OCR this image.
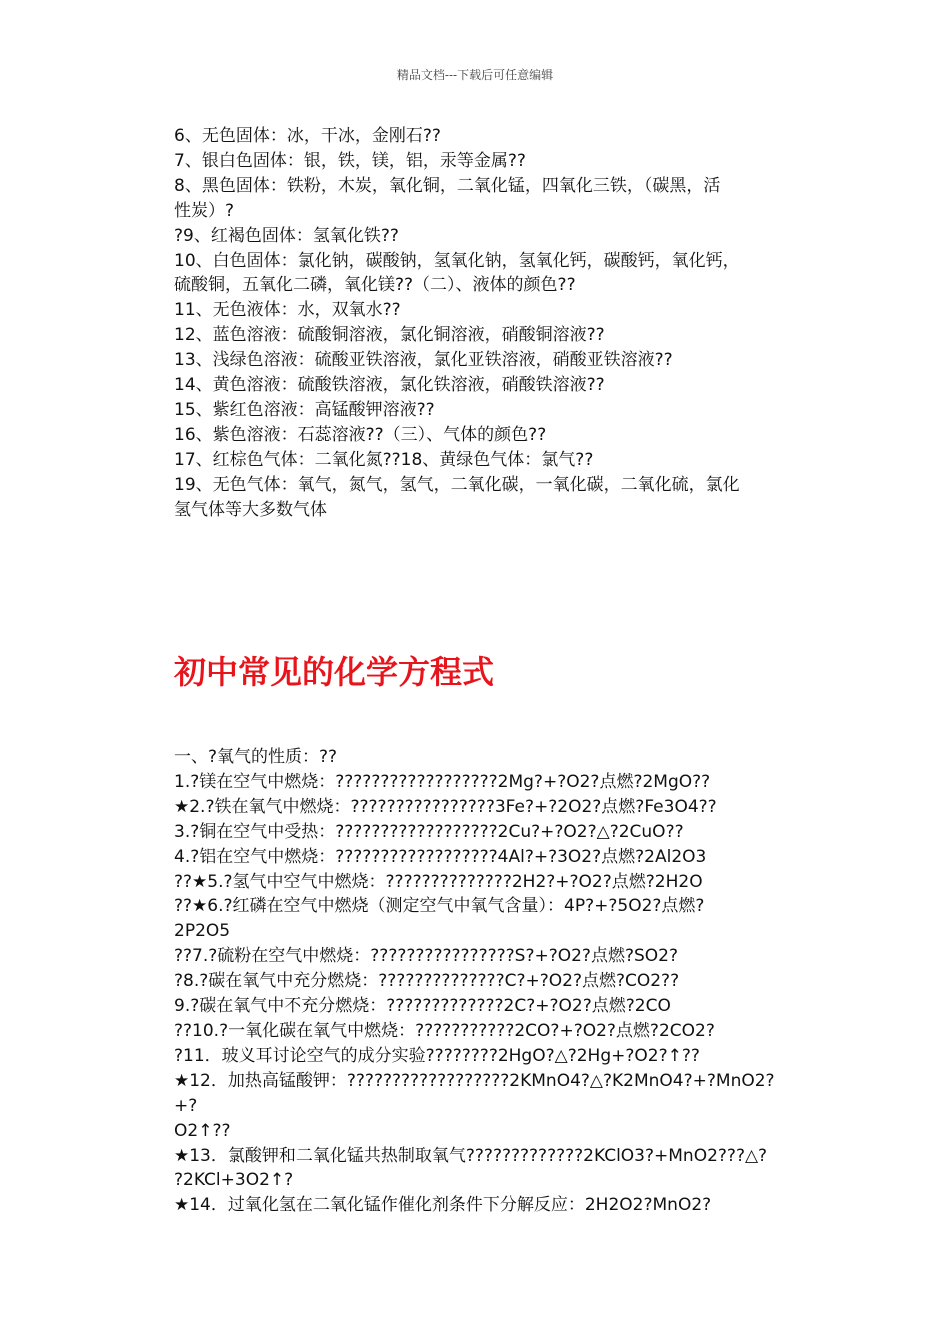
精品文档---下载后可任意编辑
6、无色固体：冰，干冰，金刚石??
7、银白色固体：银，铁，镁，铝，汞等金属??
8、黑色固体：铁粉，木炭，氧化铜，二氧化锰，四氧化三铁，（碳黑，活
性炭）?
?9、红褐色固体：氢氧化铁??
10、白色固体：氯化钠，碳酸钠，氢氧化钠，氢氧化钙，碳酸钙，氧化钙，
硫酸铜，五氧化二磷，氧化镁??（二）、液体的颜色??
11、无色液体：水，双氧水??
12、蓝色溶液：硫酸铜溶液，氯化铜溶液，硝酸铜溶液??
13、浅绿色溶液：硫酸亚铁溶液，氯化亚铁溶液，硝酸亚铁溶液??
14、黄色溶液：硫酸铁溶液，氯化铁溶液，硝酸铁溶液??
15、紫红色溶液：高锰酸钾溶液??
16、紫色溶液：石蕊溶液??（三）、气体的颜色??
17、红棕色气体：二氧化氮??18、黄绿色气体：氯气??
19、无色气体：氧气，氮气，氢气，二氧化碳，一氧化碳，二氧化硫，氯化
氢气体等大多数气体
初中常见的化学方程式
一、?氧气的性质：??
1.?镁在空气中燃烧：??????????????????2Mg?+?O2?点燃?2MgO??
★2.?铁在氧气中燃烧：????????????????3Fe?+?2O2?点燃?Fe3O4??
3.?铜在空气中受热：??????????????????2Cu?+?O2?△?2CuO??
4.?铝在空气中燃烧：??????????????????4Al?+?3O2?点燃?2Al2O3
??★5.?氢气中空气中燃烧：??????????????2H2?+?O2?点燃?2H2O
??★6.?红磷在空气中燃烧（测定空气中氧气含量）：4P?+?5O2?点燃?
2P2O5
??7.?硫粉在空气中燃烧：????????????????S?+?O2?点燃?SO2?
?8.?碳在氧气中充分燃烧：??????????????C?+?O2?点燃?CO2??
9.?碳在氧气中不充分燃烧：?????????????2C?+?O2?点燃?2CO
??10.?一氧化碳在氧气中燃烧：???????????2CO?+?O2?点燃?2CO2?
?11．玻义耳讨论空气的成分实验????????2HgO?△?2Hg+?O2?↑??
★12．加热高锰酸钾：??????????????????2KMnO4?△?K2MnO4?+?MnO2?
+?
O2↑??
★13．氯酸钾和二氧化锰共热制取氧气?????????????2KClO3?+MnO2???△?
?2KCl+3O2↑?
★14．过氧化氢在二氧化锰作催化剂条件下分解反应：2H2O2?MnO2?
